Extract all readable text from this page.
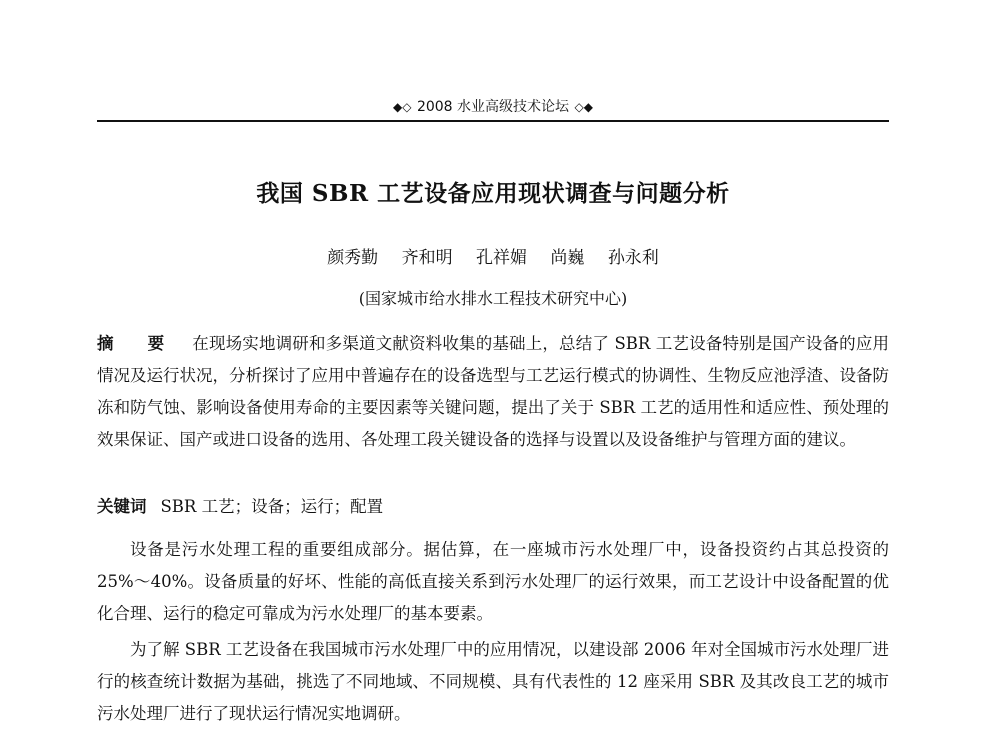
◆◇ 2008 水业高级技术论坛 ◇◆
我国 SBR 工艺设备应用现状调查与问题分析
颜秀勤 齐和明 孔祥媚 尚巍 孙永利
(国家城市给水排水工程技术研究中心)

摘 要 在现场实地调研和多渠道文献资料收集的基础上，总结了 SBR 工艺设备特别是国产设备的应用情况及运行状况，分析探讨了应用中普遍存在的设备选型与工艺运行模式的协调性、生物反应池浮渣、设备防冻和防气蚀、影响设备使用寿命的主要因素等关键问题，提出了关于 SBR 工艺的适用性和适应性、预处理的效果保证、国产或进口设备的选用、各处理工段关键设备的选择与设置以及设备维护与管理方面的建议。

关键词 SBR 工艺；设备；运行；配置

设备是污水处理工程的重要组成部分。据估算，在一座城市污水处理厂中，设备投资约占其总投资的 25%～40%。设备质量的好坏、性能的高低直接关系到污水处理厂的运行效果，而工艺设计中设备配置的优化合理、运行的稳定可靠成为污水处理厂的基本要素。

为了解 SBR 工艺设备在我国城市污水处理厂中的应用情况，以建设部 2006 年对全国城市污水处理厂进行的核查统计数据为基础，挑选了不同地域、不同规模、具有代表性的 12 座采用 SBR 及其改良工艺的城市污水处理厂进行了现状运行情况实地调研。
